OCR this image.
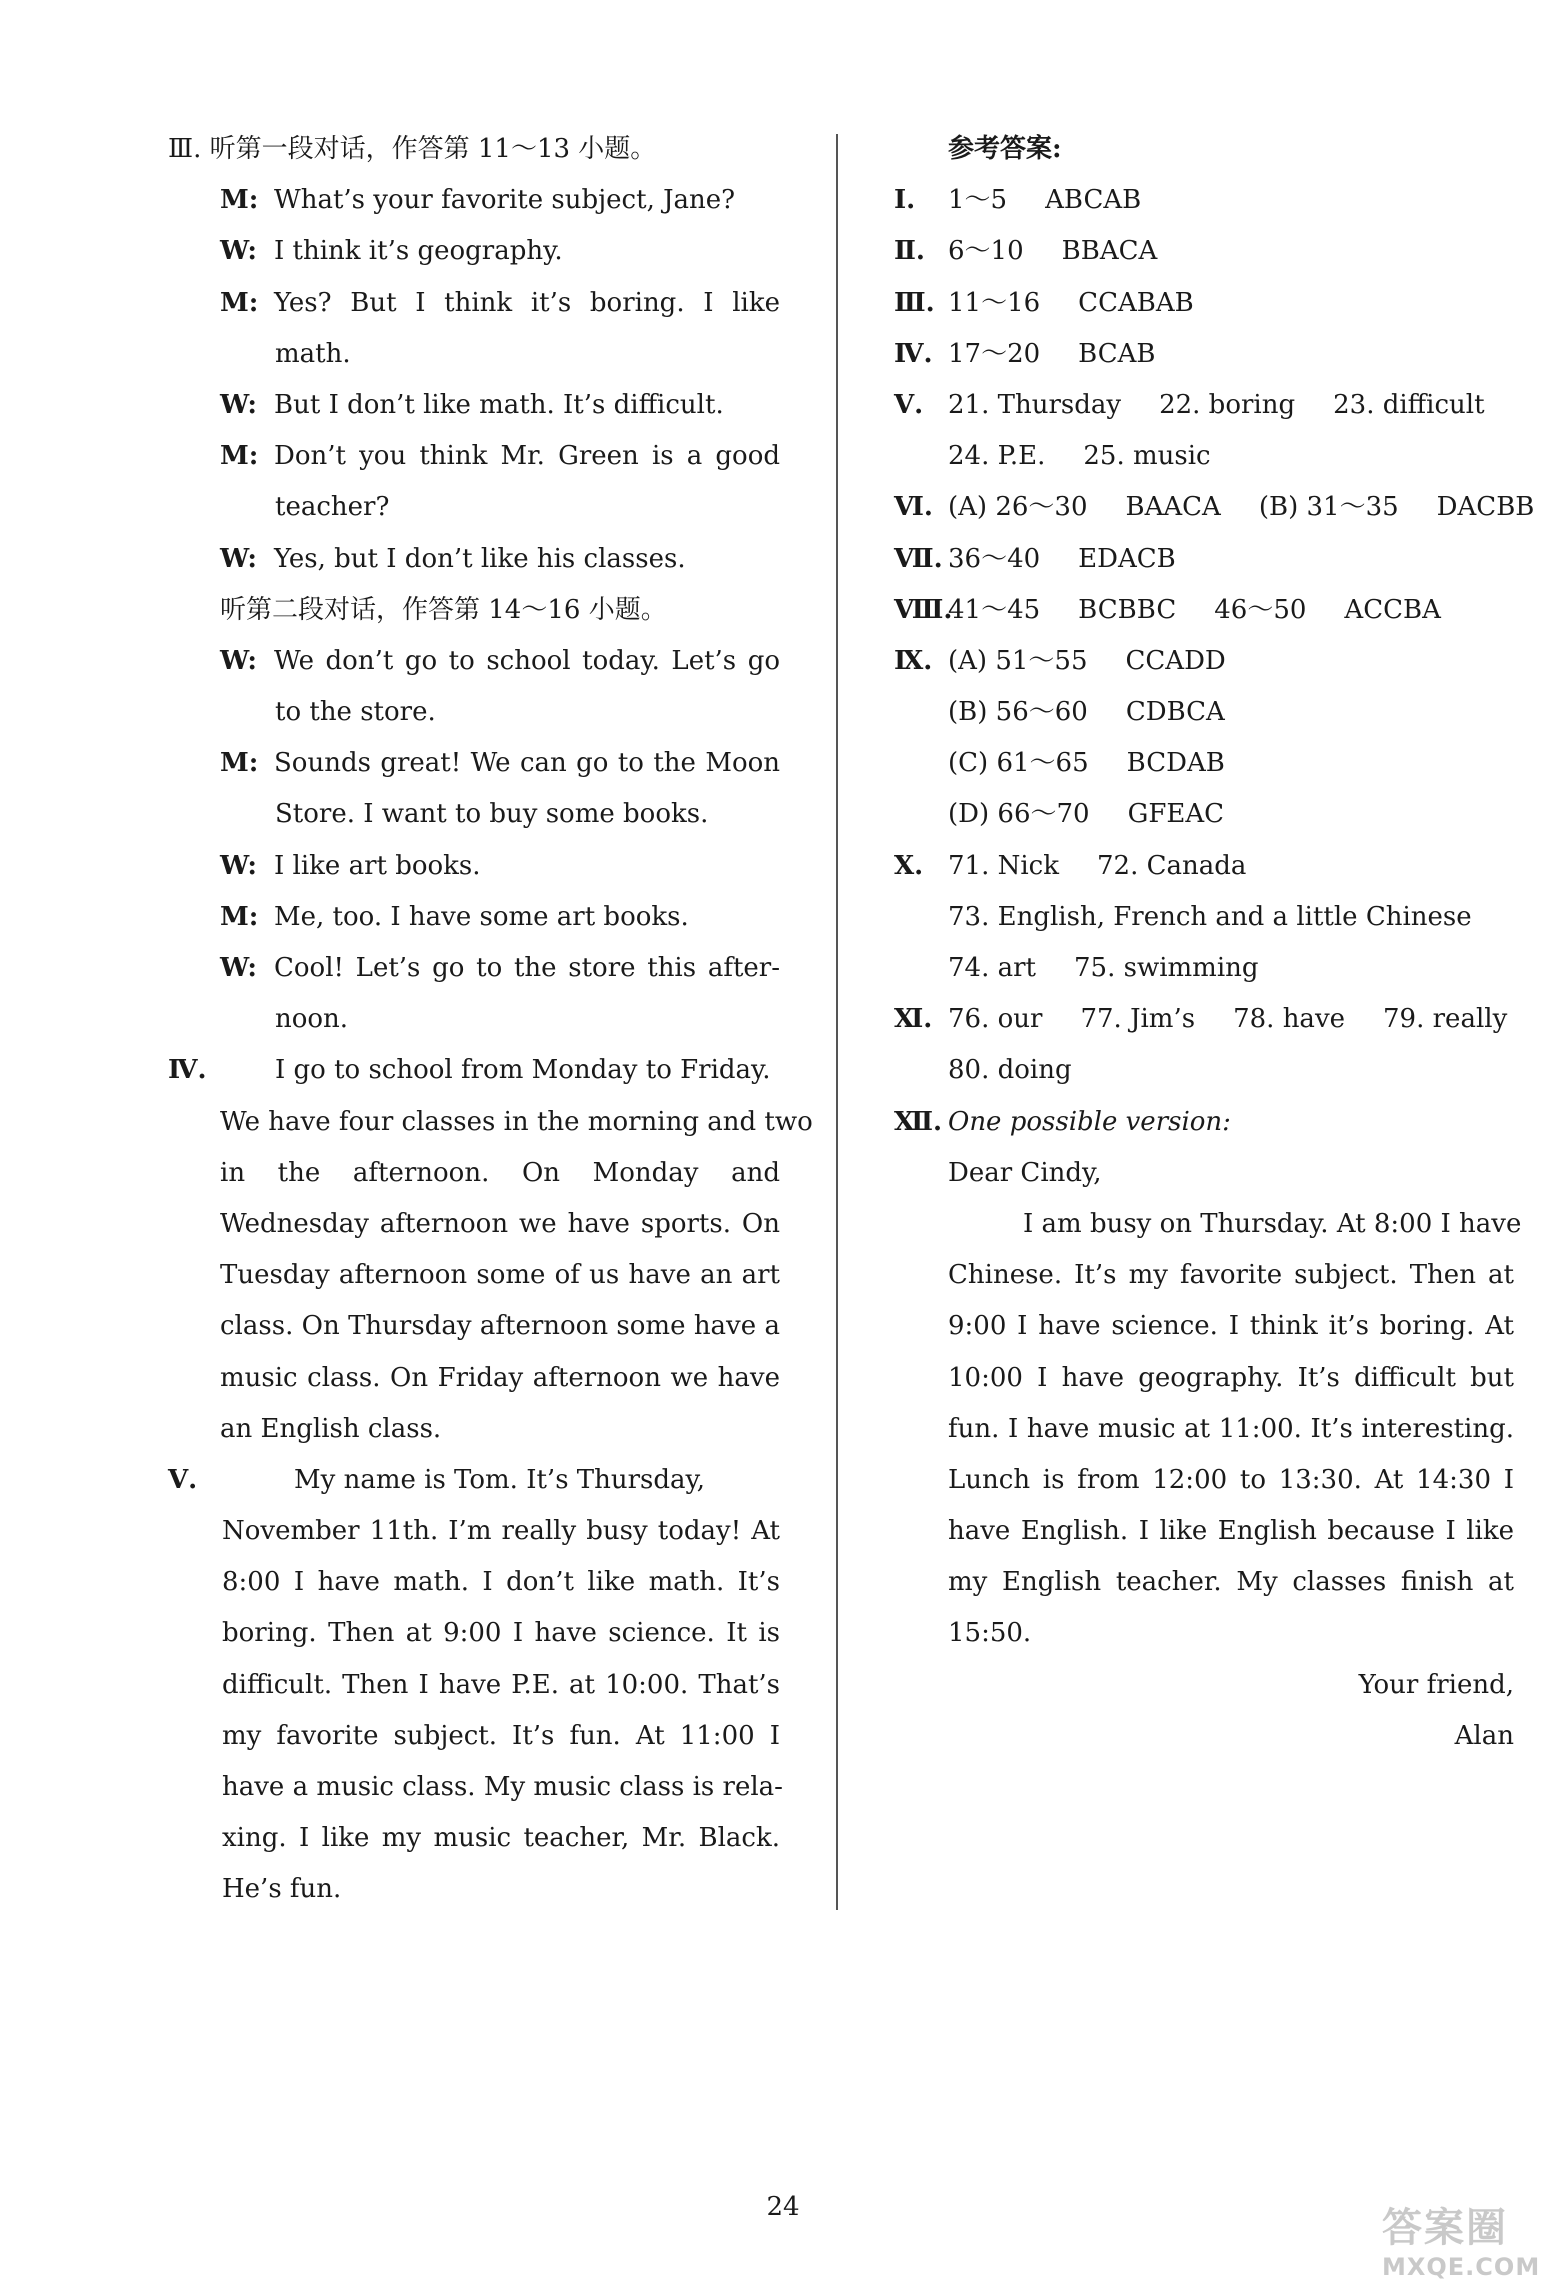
Ⅲ. 听第一段对话，作答第 11～13 小题。
M: What’s your favorite subject, Jane?
W: I think it’s geography.
M: Yes? But I think it’s boring. I like
math.
W: But I don’t like math. It’s difficult.
M: Don’t you think Mr. Green is a good
teacher?
W: Yes, but I don’t like his classes.
听第二段对话，作答第 14～16 小题。
W: We don’t go to school today. Let’s go
to the store.
M: Sounds great! We can go to the Moon
Store. I want to buy some books.
W: I like art books.
M: Me, too. I have some art books.
W: Cool! Let’s go to the store this after-
noon.
Ⅳ.	I go to school from Monday to Friday.
We have four classes in the morning and two
in the afternoon. On Monday and
Wednesday afternoon we have sports. On
Tuesday afternoon some of us have an art
class. On Thursday afternoon some have a
music class. On Friday afternoon we have
an English class.
Ⅴ.	My name is Tom. It’s Thursday,
November 11th. I’m really busy today! At
8:00 I have math. I don’t like math. It’s
boring. Then at 9:00 I have science. It is
difficult. Then I have P.E. at 10:00. That’s
my favorite subject. It’s fun. At 11:00 I
have a music class. My music class is rela-
xing. I like my music teacher, Mr. Black.
He’s fun.
参考答案:
Ⅰ. 1～5 ABCAB
Ⅱ. 6～10 BBACA
Ⅲ. 11～16 CCABAB
Ⅳ. 17～20 BCAB
Ⅴ. 21. Thursday 22. boring 23. difficult
24. P.E. 25. music
Ⅵ. (A) 26～30 BAACA (B) 31～35 DACBB
Ⅶ. 36～40 EDACB
Ⅷ.41～45 BCBBC 46～50 ACCBA
Ⅸ. (A) 51～55 CCADD
(B) 56～60 CDBCA
(C) 61～65 BCDAB
(D) 66～70 GFEAC
Ⅹ. 71. Nick 72. Canada
73. English, French and a little Chinese
74. art 75. swimming
Ⅺ. 76. our 77. Jim’s 78. have 79. really
80. doing
Ⅻ. One possible version:
Dear Cindy,
I am busy on Thursday. At 8:00 I have
Chinese. It’s my favorite subject. Then at
9:00 I have science. I think it’s boring. At
10:00 I have geography. It’s difficult but
fun. I have music at 11:00. It’s interesting.
Lunch is from 12:00 to 13:30. At 14:30 I
have English. I like English because I like
my English teacher. My classes finish at
15:50.
Your friend,
Alan
24	答案圈
MXQE.COM
